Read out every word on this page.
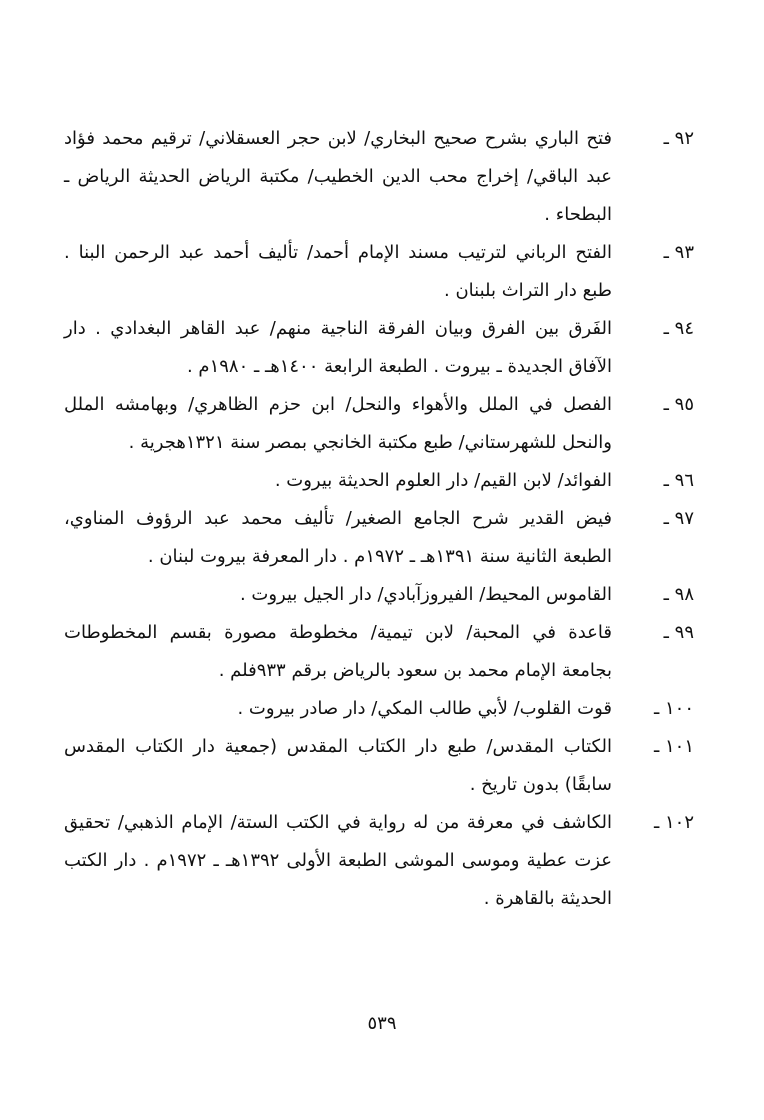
٩٢ ـ
فتح الباري بشرح صحيح البخاري/ لابن حجر العسقلاني/ ترقيم محمد فؤاد عبد الباقي/ إخراج محب الدين الخطيب/ مكتبة الرياض الحديثة الرياض ـ البطحاء .

٩٣ ـ
الفتح الرباني لترتيب مسند الإمام أحمد/ تأليف أحمد عبد الرحمن البنا . طبع دار التراث بلبنان .

٩٤ ـ
الفَرق بين الفرق وبيان الفرقة الناجية منهم/ عبد القاهر البغدادي . دار الآفاق الجديدة ـ بيروت . الطبعة الرابعة ١٤٠٠هـ ـ ١٩٨٠م .

٩٥ ـ
الفصل في الملل والأهواء والنحل/ ابن حزم الظاهري/ وبهامشه الملل والنحل للشهرستاني/ طبع مكتبة الخانجي بمصر سنة ١٣٢١هجرية .

٩٦ ـ
الفوائد/ لابن القيم/ دار العلوم الحديثة بيروت .

٩٧ ـ
فيض القدير شرح الجامع الصغير/ تأليف محمد عبد الرؤوف المناوي، الطبعة الثانية سنة ١٣٩١هـ ـ ١٩٧٢م . دار المعرفة بيروت لبنان .

٩٨ ـ
القاموس المحيط/ الفيروزآبادي/ دار الجيل بيروت .

٩٩ ـ
قاعدة في المحبة/ لابن تيمية/ مخطوطة مصورة بقسم المخطوطات بجامعة الإمام محمد بن سعود بالرياض برقم ٩٣٣فلم .

١٠٠ ـ
قوت القلوب/ لأبي طالب المكي/ دار صادر بيروت .

١٠١ ـ
الكتاب المقدس/ طبع دار الكتاب المقدس (جمعية دار الكتاب المقدس سابقًا) بدون تاريخ .

١٠٢ ـ
الكاشف في معرفة من له رواية في الكتب الستة/ الإمام الذهبي/ تحقيق عزت عطية وموسى الموشى الطبعة الأولى ١٣٩٢هـ ـ ١٩٧٢م . دار الكتب الحديثة بالقاهرة .

٥٣٩
